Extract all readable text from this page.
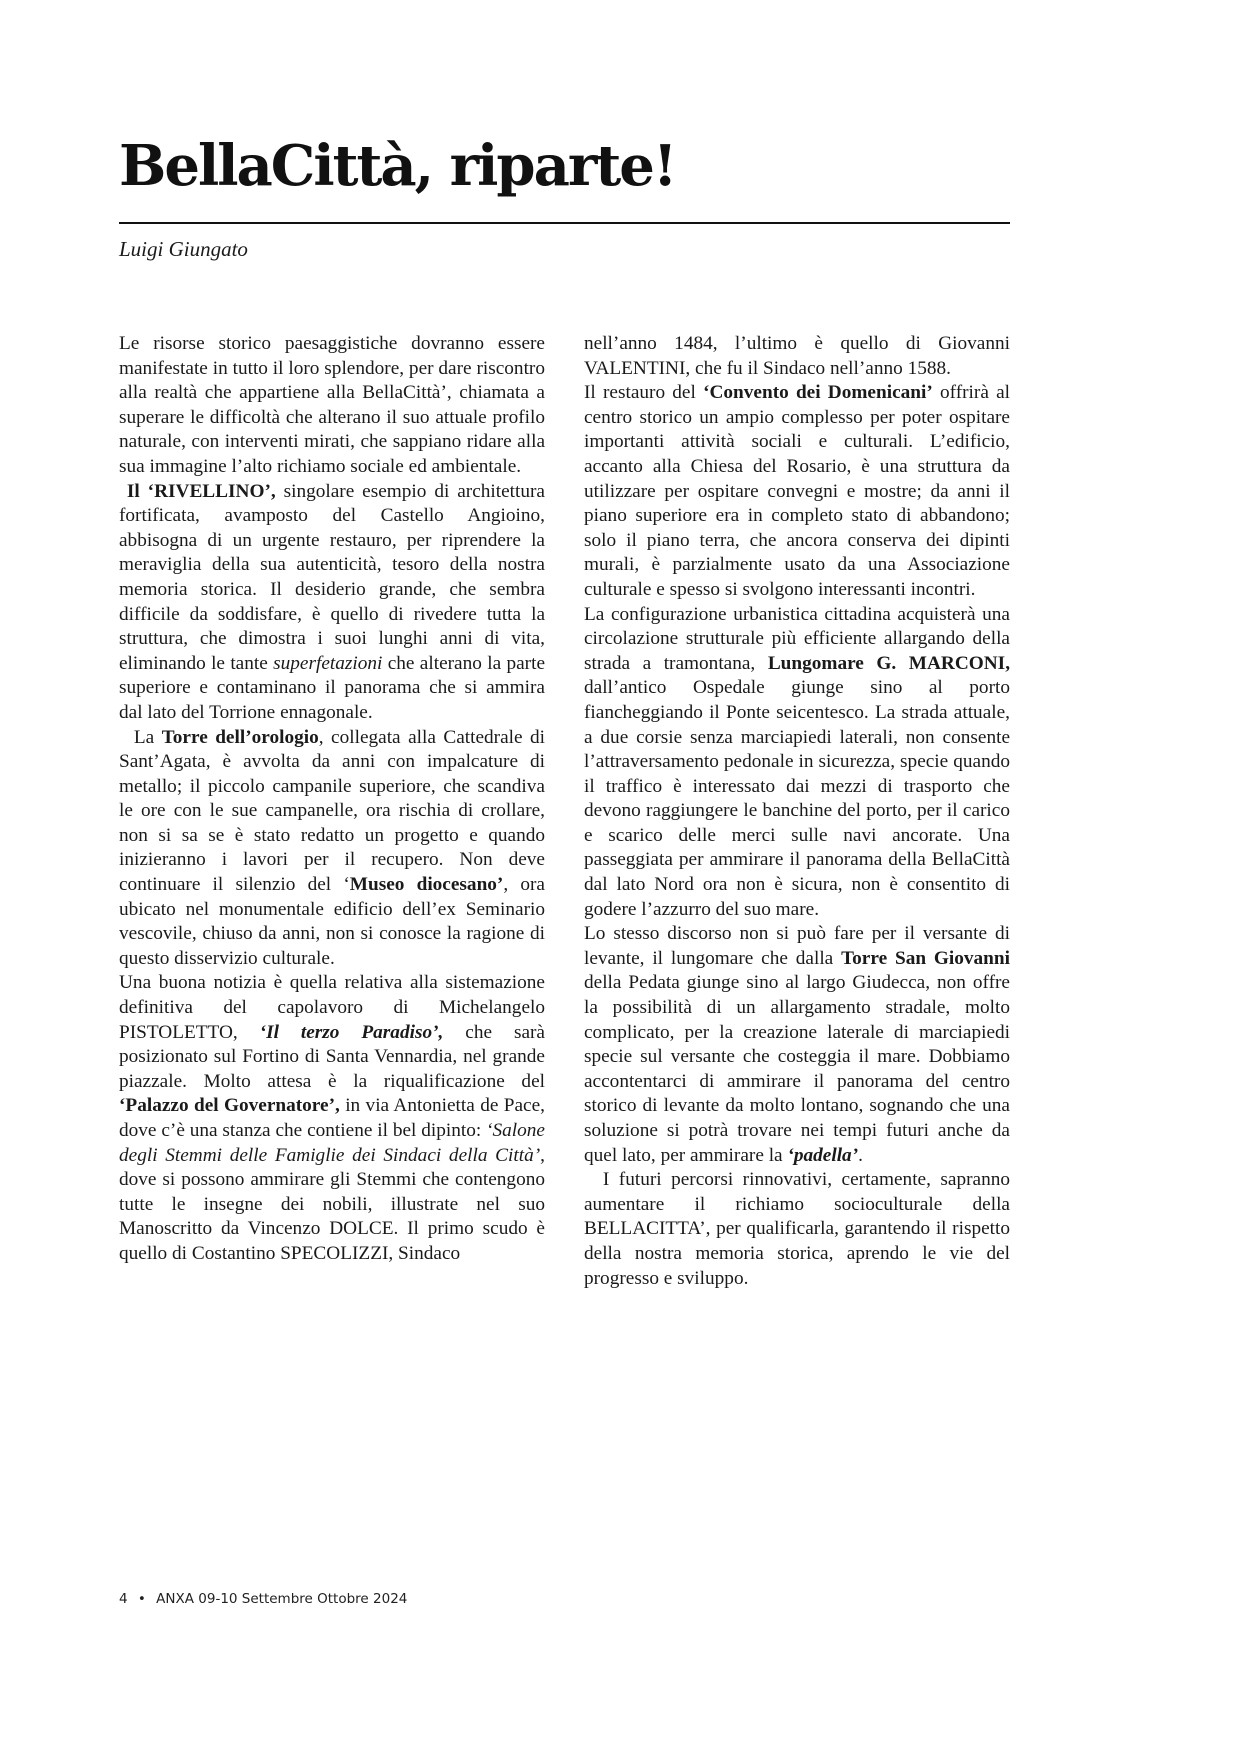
BellaCittà, riparte!
Luigi Giungato

Le risorse storico paesaggistiche dovranno essere manifestate in tutto il loro splendore, per dare riscontro alla realtà che appartiene alla BellaCittà’, chiamata a superare le difficoltà che alterano il suo attuale profilo naturale, con interventi mirati, che sappiano ridare alla sua immagine l’alto richiamo sociale ed ambientale.

Il ‘RIVELLINO’, singolare esempio di architettura fortificata, avamposto del Castello Angioino, abbisogna di un urgente restauro, per riprendere la meraviglia della sua autenticità, tesoro della nostra memoria storica. Il desiderio grande, che sembra difficile da soddisfare, è quello di rivedere tutta la struttura, che dimostra i suoi lunghi anni di vita, eliminando le tante superfetazioni che alterano la parte superiore e contaminano il panorama che si ammira dal lato del Torrione ennagonale.

La Torre dell’orologio, collegata alla Cattedrale di Sant’Agata, è avvolta da anni con impalcature di metallo; il piccolo campanile superiore, che scandiva le ore con le sue campanelle, ora rischia di crollare, non si sa se è stato redatto un progetto e quando inizieranno i lavori per il recupero. Non deve continuare il silenzio del ‘Museo diocesano’, ora ubicato nel monumentale edificio dell’ex Seminario vescovile, chiuso da anni, non si conosce la ragione di questo disservizio culturale.

Una buona notizia è quella relativa alla sistemazione definitiva del capolavoro di Michelangelo PISTOLETTO, ‘Il terzo Paradiso’, che sarà posizionato sul Fortino di Santa Vennardia, nel grande piazzale. Molto attesa è la riqualificazione del ‘Palazzo del Governatore’, in via Antonietta de Pace, dove c’è una stanza che contiene il bel dipinto: ‘Salone degli Stemmi delle Famiglie dei Sindaci della Città’, dove si possono ammirare gli Stemmi che contengono tutte le insegne dei nobili, illustrate nel suo Manoscritto da Vincenzo DOLCE. Il primo scudo è quello di Costantino SPECOLIZZI, Sindaco

nell’anno 1484, l’ultimo è quello di Giovanni VALENTINI, che fu il Sindaco nell’anno 1588.

Il restauro del ‘Convento dei Domenicani’ offrirà al centro storico un ampio complesso per poter ospitare importanti attività sociali e culturali. L’edificio, accanto alla Chiesa del Rosario, è una struttura da utilizzare per ospitare convegni e mostre; da anni il piano superiore era in completo stato di abbandono; solo il piano terra, che ancora conserva dei dipinti murali, è parzialmente usato da una Associazione culturale e spesso si svolgono interessanti incontri.

La configurazione urbanistica cittadina acquisterà una circolazione strutturale più efficiente allargando della strada a tramontana, Lungomare G. MARCONI, dall’antico Ospedale giunge sino al porto fiancheggiando il Ponte seicentesco. La strada attuale, a due corsie senza marciapiedi laterali, non consente l’attraversamento pedonale in sicurezza, specie quando il traffico è interessato dai mezzi di trasporto che devono raggiungere le banchine del porto, per il carico e scarico delle merci sulle navi ancorate. Una passeggiata per ammirare il panorama della BellaCittà dal lato Nord ora non è sicura, non è consentito di godere l’azzurro del suo mare.

Lo stesso discorso non si può fare per il versante di levante, il lungomare che dalla Torre San Giovanni della Pedata giunge sino al largo Giudecca, non offre la possibilità di un allargamento stradale, molto complicato, per la creazione laterale di marciapiedi specie sul versante che costeggia il mare. Dobbiamo accontentarci di ammirare il panorama del centro storico di levante da molto lontano, sognando che una soluzione si potrà trovare nei tempi futuri anche da quel lato, per ammirare la ‘padella’.

I futuri percorsi rinnovativi, certamente, sapranno aumentare il richiamo socioculturale della BELLACITTA’, per qualificarla, garantendo il rispetto della nostra memoria storica, aprendo le vie del progresso e sviluppo.

4 • ANXA 09-10 Settembre Ottobre 2024
